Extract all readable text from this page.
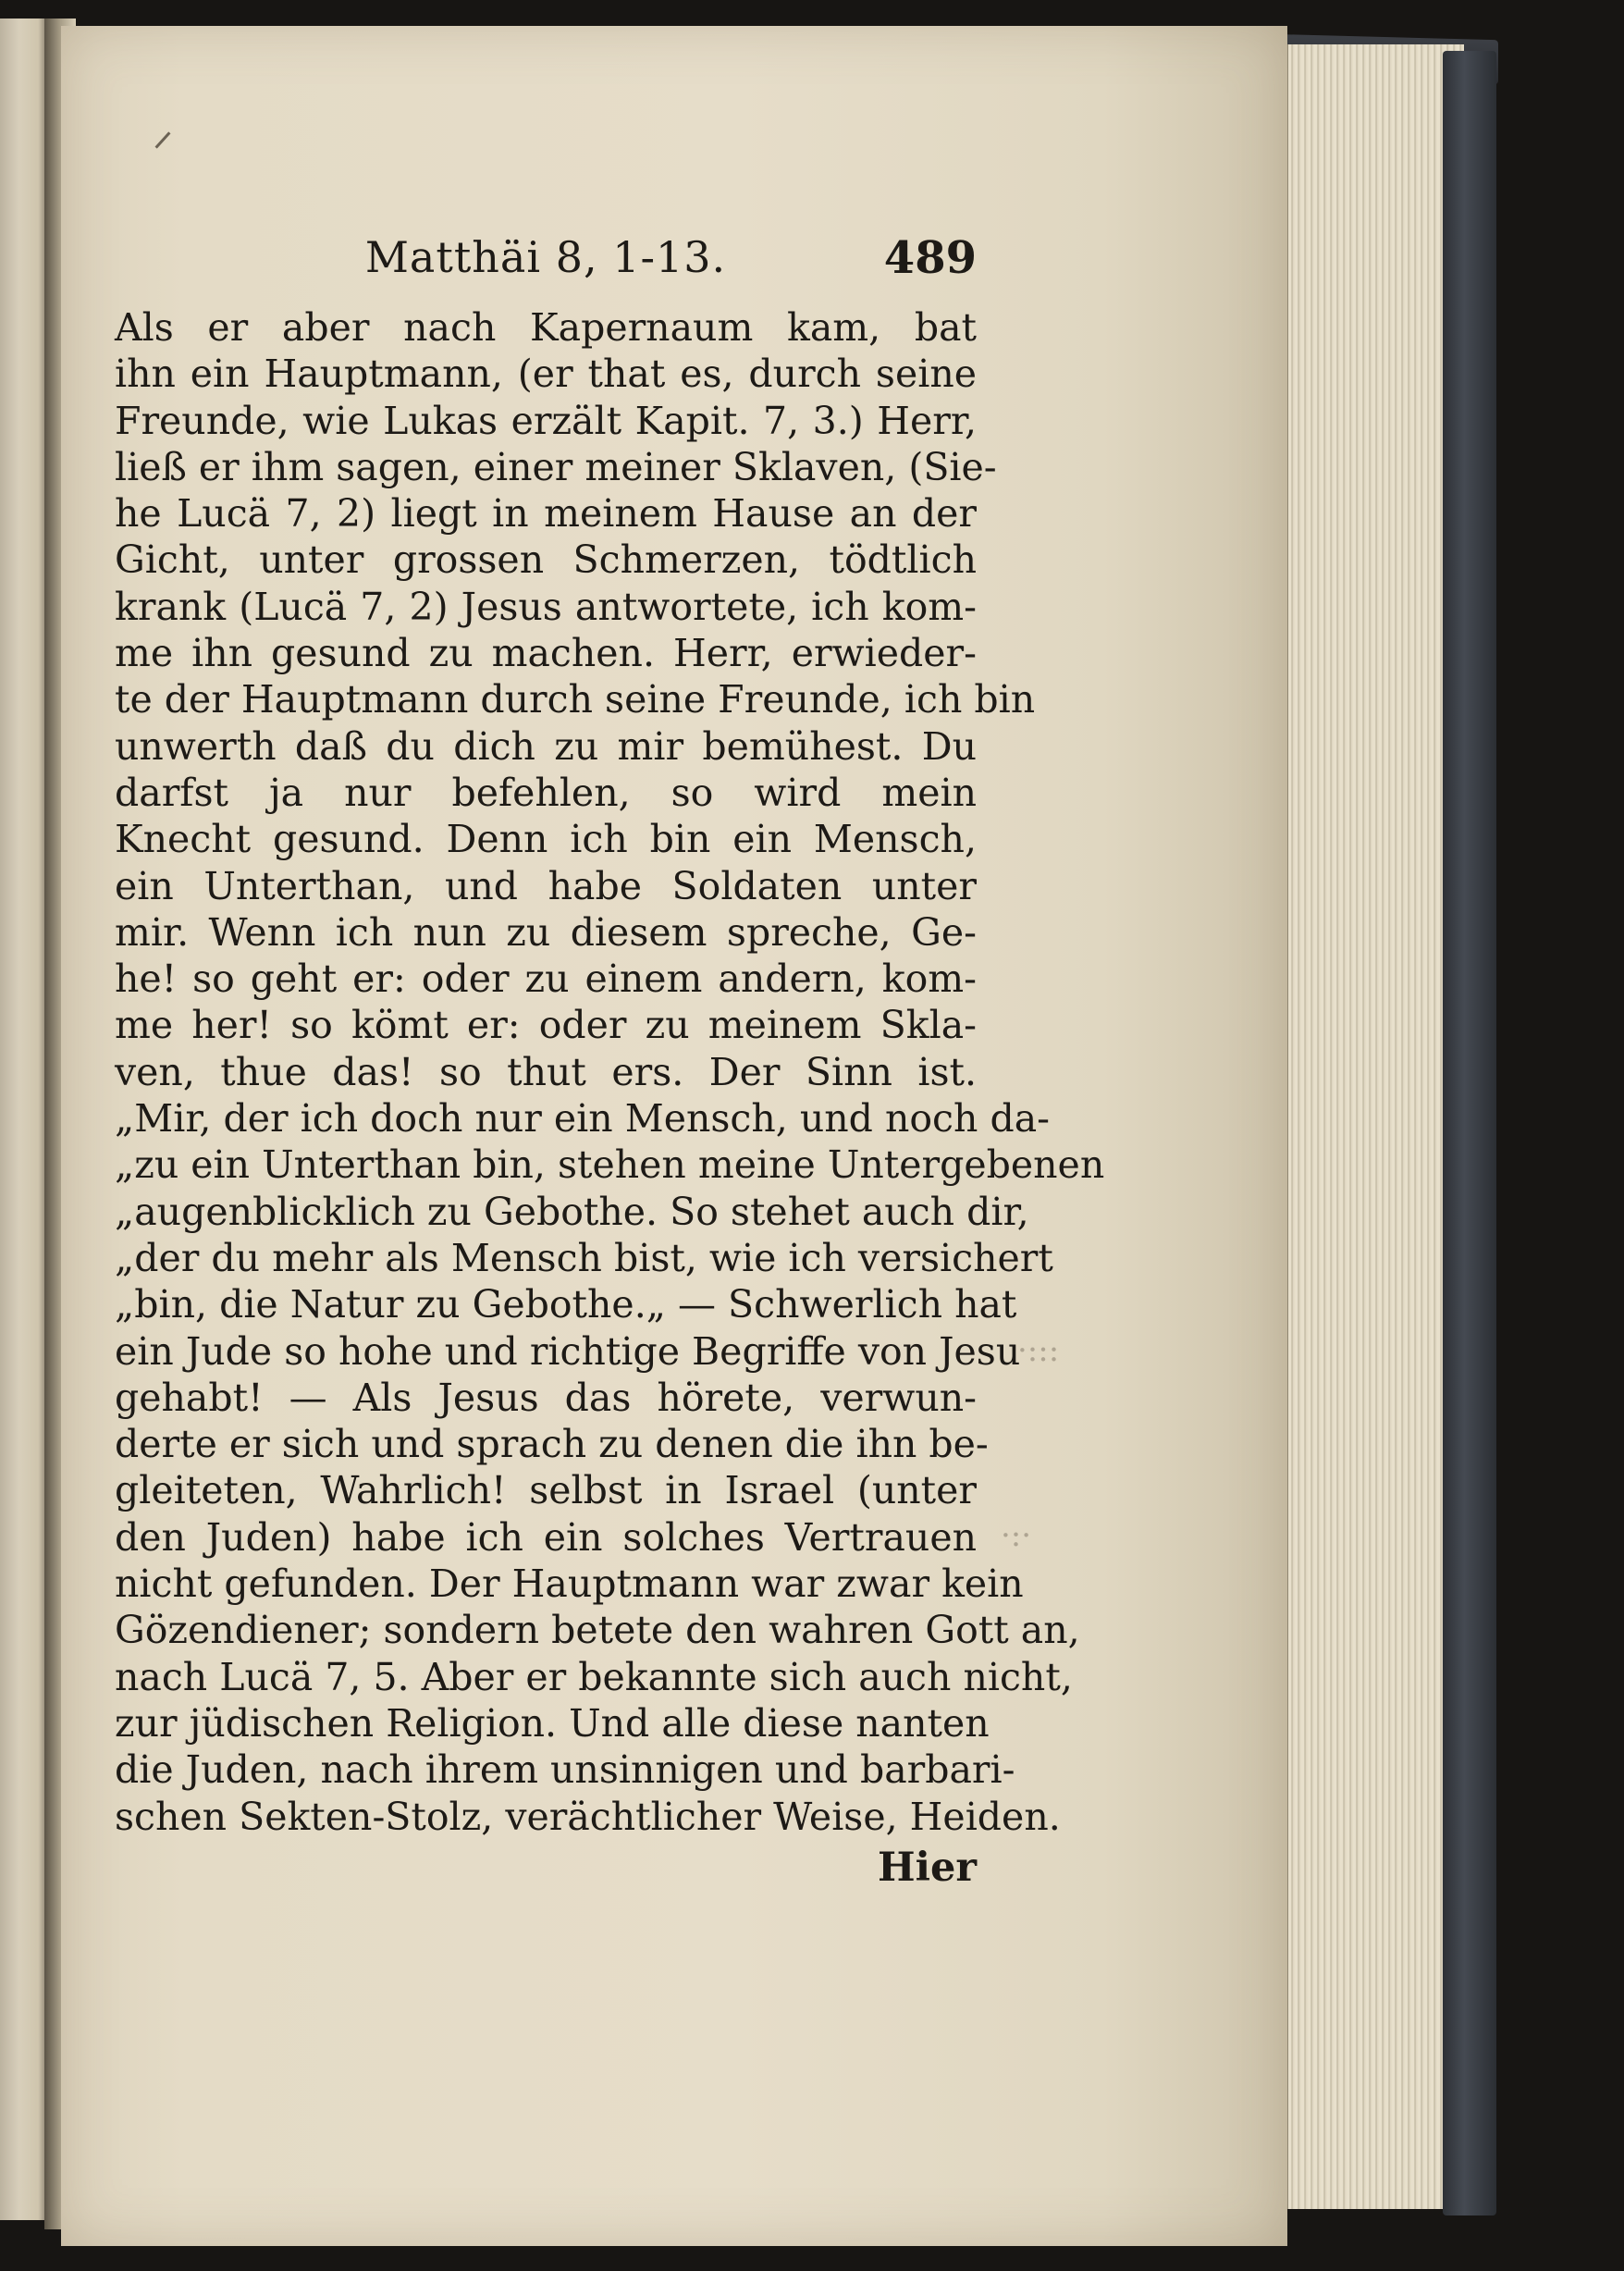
·:::
·:·
Matthäi 8, 1-13.	489
Als er aber nach Kapernaum kam, bat
ihn ein Hauptmann, (er that es, durch seine
Freunde, wie Lukas erzält Kapit. 7, 3.) Herr,
ließ er ihm sagen, einer meiner Sklaven, (Sie-
he Lucä 7, 2) liegt in meinem Hause an der
Gicht, unter grossen Schmerzen, tödtlich
krank (Lucä 7, 2) Jesus antwortete, ich kom-
me ihn gesund zu machen. Herr, erwieder-
te der Hauptmann durch seine Freunde, ich bin
unwerth daß du dich zu mir bemühest. Du
darfst ja nur befehlen, so wird mein
Knecht gesund. Denn ich bin ein Mensch,
ein Unterthan, und habe Soldaten unter
mir. Wenn ich nun zu diesem spreche, Ge-
he! so geht er: oder zu einem andern, kom-
me her! so kömt er: oder zu meinem Skla-
ven, thue das! so thut ers. Der Sinn ist.
„Mir, der ich doch nur ein Mensch, und noch da-
„zu ein Unterthan bin, stehen meine Untergebenen
„augenblicklich zu Gebothe. So stehet auch dir,
„der du mehr als Mensch bist, wie ich versichert
„bin, die Natur zu Gebothe.„ — Schwerlich hat
ein Jude so hohe und richtige Begriffe von Jesu
gehabt! — Als Jesus das hörete, verwun-
derte er sich und sprach zu denen die ihn be-
gleiteten, Wahrlich! selbst in Israel (unter
den Juden) habe ich ein solches Vertrauen
nicht gefunden. Der Hauptmann war zwar kein
Gözendiener; sondern betete den wahren Gott an,
nach Lucä 7, 5. Aber er bekannte sich auch nicht,
zur jüdischen Religion. Und alle diese nanten
die Juden, nach ihrem unsinnigen und barbari-
schen Sekten-Stolz, verächtlicher Weise, Heiden.
Hier
